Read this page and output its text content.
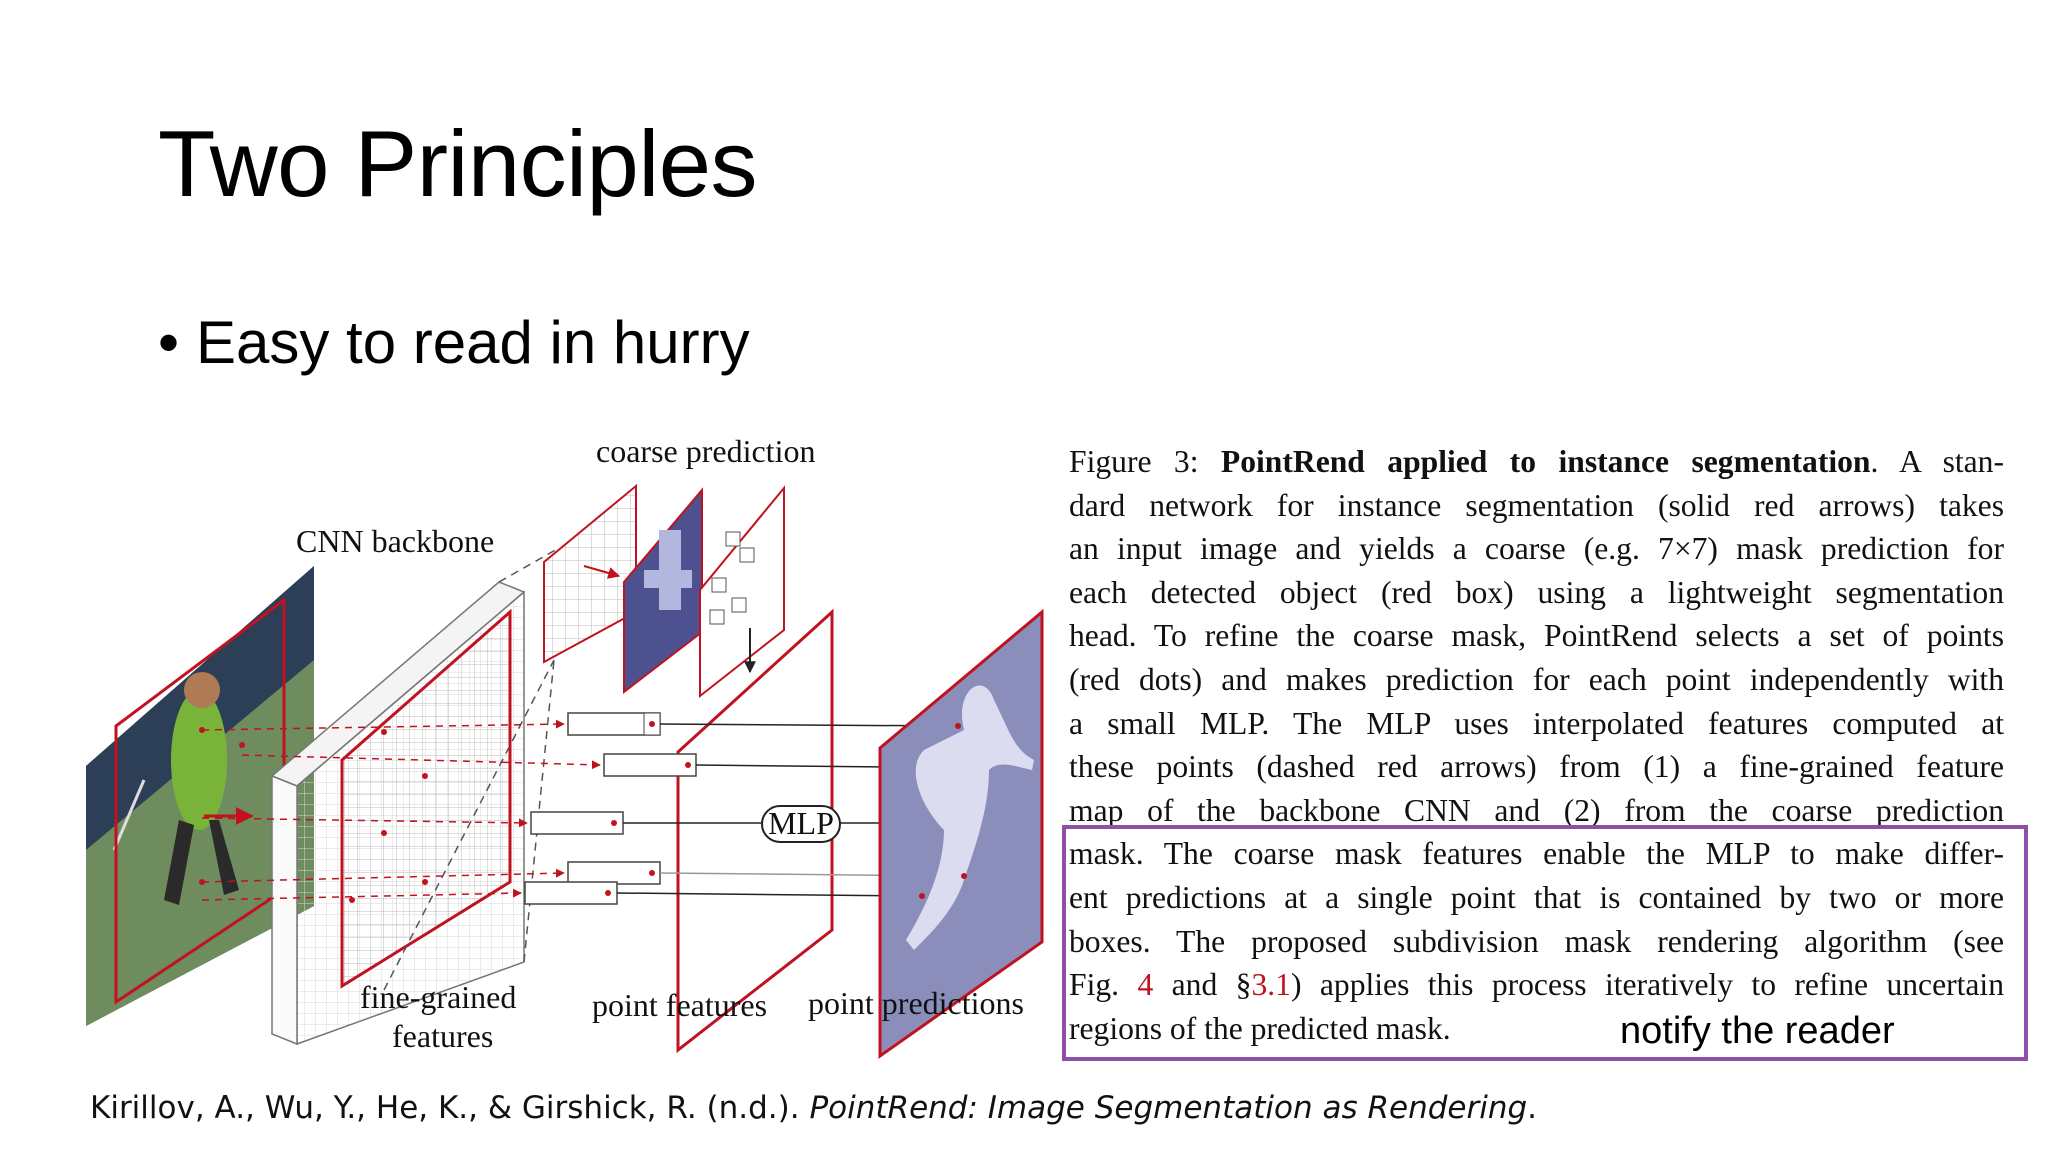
Two Principles
• Easy to read in hurry
MLP
coarse prediction
CNN backbone
fine-grained
features
point features point predictions
Figure 3: PointRend applied to instance segmentation. A stan-
dard network for instance segmentation (solid red arrows) takes
an input image and yields a coarse (e.g. 7×7) mask prediction for
each detected object (red box) using a lightweight segmentation
head. To refine the coarse mask, PointRend selects a set of points
(red dots) and makes prediction for each point independently with
a small MLP. The MLP uses interpolated features computed at
these points (dashed red arrows) from (1) a fine-grained feature
map of the backbone CNN and (2) from the coarse prediction
mask. The coarse mask features enable the MLP to make differ-
ent predictions at a single point that is contained by two or more
boxes. The proposed subdivision mask rendering algorithm (see
Fig. 4 and §3.1) applies this process iteratively to refine uncertain
regions of the predicted mask.	notify the reader
Kirillov, A., Wu, Y., He, K., & Girshick, R. (n.d.). PointRend: Image Segmentation as Rendering.
